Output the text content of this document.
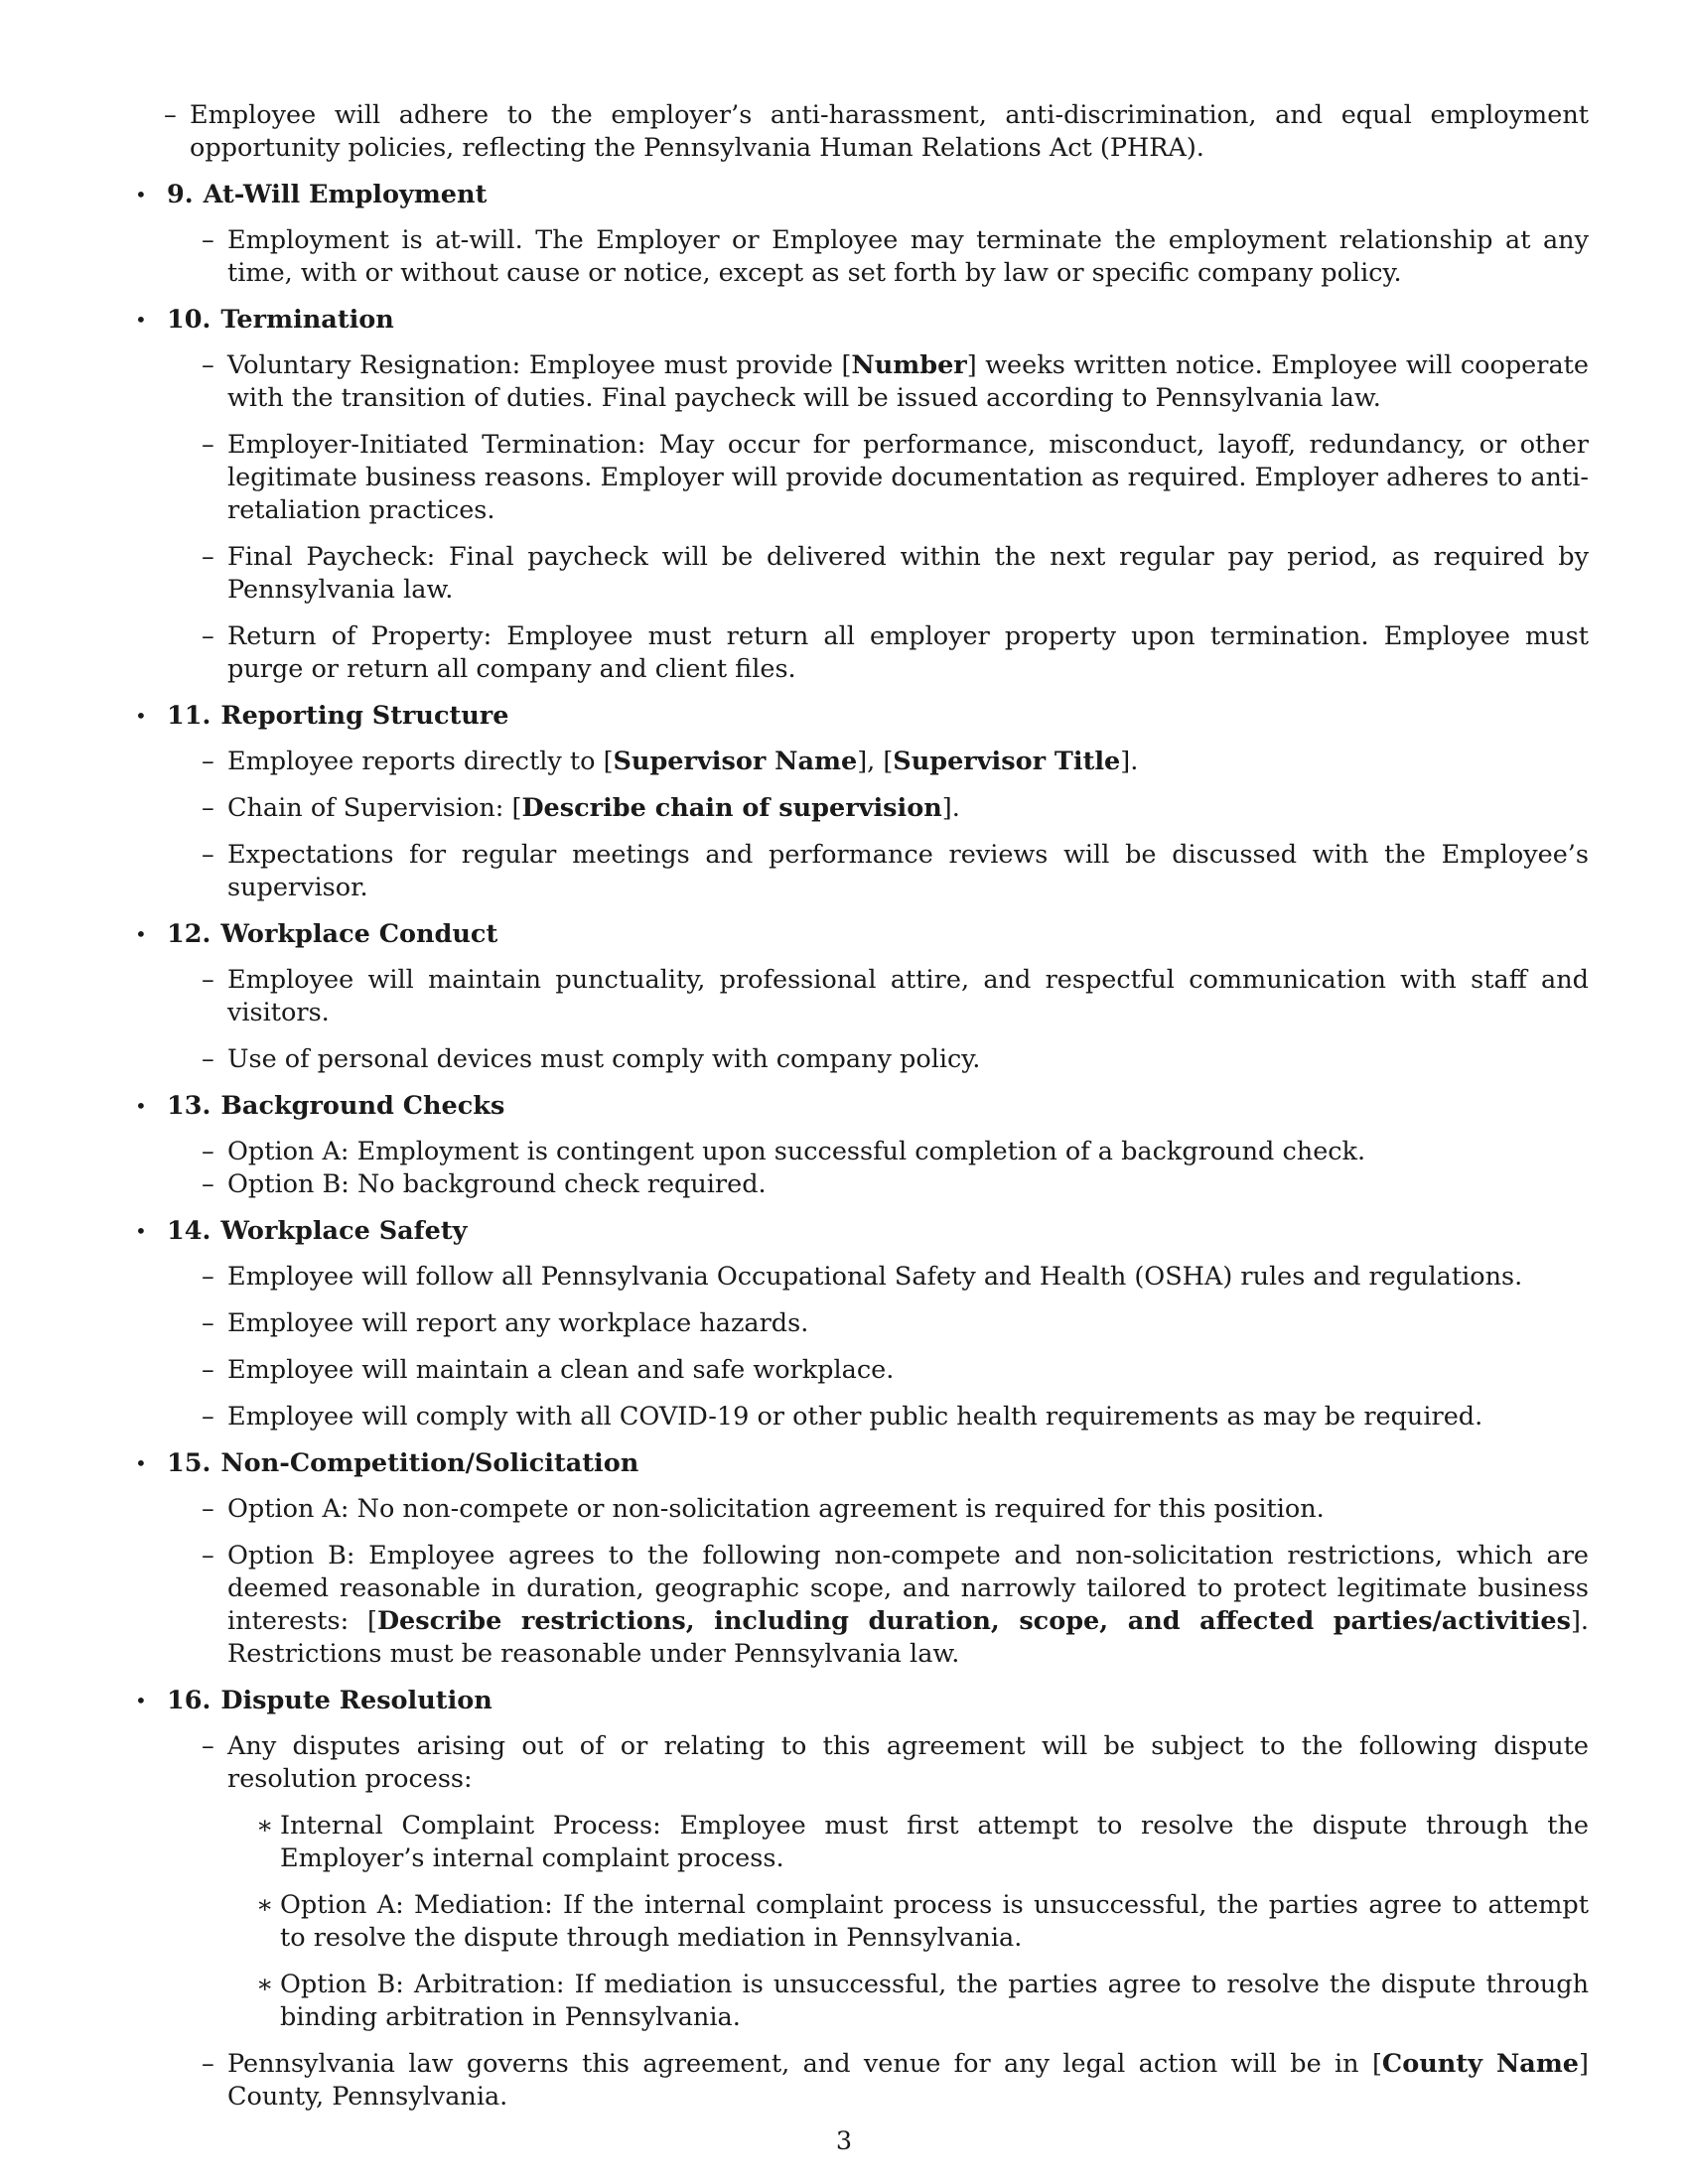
– Employee will adhere to the employer’s anti-harassment, anti-discrimination, and equal employment opportunity policies, reflecting the Pennsylvania Human Relations Act (PHRA).
• 9. At-Will Employment
– Employment is at-will. The Employer or Employee may terminate the employment relationship at any time, with or without cause or notice, except as set forth by law or specific company policy.
• 10. Termination
– Voluntary Resignation: Employee must provide [Number] weeks written notice. Employee will cooperate with the transition of duties. Final paycheck will be issued according to Pennsylvania law.
– Employer-Initiated Termination: May occur for performance, misconduct, layoff, redundancy, or other legitimate business reasons. Employer will provide documentation as required. Employer adheres to anti-retaliation practices.
– Final Paycheck: Final paycheck will be delivered within the next regular pay period, as required by Pennsylvania law.
– Return of Property: Employee must return all employer property upon termination. Employee must purge or return all company and client files.
• 11. Reporting Structure
– Employee reports directly to [Supervisor Name], [Supervisor Title].
– Chain of Supervision: [Describe chain of supervision].
– Expectations for regular meetings and performance reviews will be discussed with the Employee’s supervisor.
• 12. Workplace Conduct
– Employee will maintain punctuality, professional attire, and respectful communication with staff and visitors.
– Use of personal devices must comply with company policy.
• 13. Background Checks
– Option A: Employment is contingent upon successful completion of a background check.
– Option B: No background check required.
• 14. Workplace Safety
– Employee will follow all Pennsylvania Occupational Safety and Health (OSHA) rules and regulations.
– Employee will report any workplace hazards.
– Employee will maintain a clean and safe workplace.
– Employee will comply with all COVID-19 or other public health requirements as may be required.
• 15. Non-Competition/Solicitation
– Option A: No non-compete or non-solicitation agreement is required for this position.
– Option B: Employee agrees to the following non-compete and non-solicitation restrictions, which are deemed reasonable in duration, geographic scope, and narrowly tailored to protect legitimate business interests: [Describe restrictions, including duration, scope, and affected parties/activities]. Restrictions must be reasonable under Pennsylvania law.
• 16. Dispute Resolution
– Any disputes arising out of or relating to this agreement will be subject to the following dispute resolution process:
∗ Internal Complaint Process: Employee must first attempt to resolve the dispute through the Employer’s internal complaint process.
∗ Option A: Mediation: If the internal complaint process is unsuccessful, the parties agree to attempt to resolve the dispute through mediation in Pennsylvania.
∗ Option B: Arbitration: If mediation is unsuccessful, the parties agree to resolve the dispute through binding arbitration in Pennsylvania.
– Pennsylvania law governs this agreement, and venue for any legal action will be in [County Name] County, Pennsylvania.
3
